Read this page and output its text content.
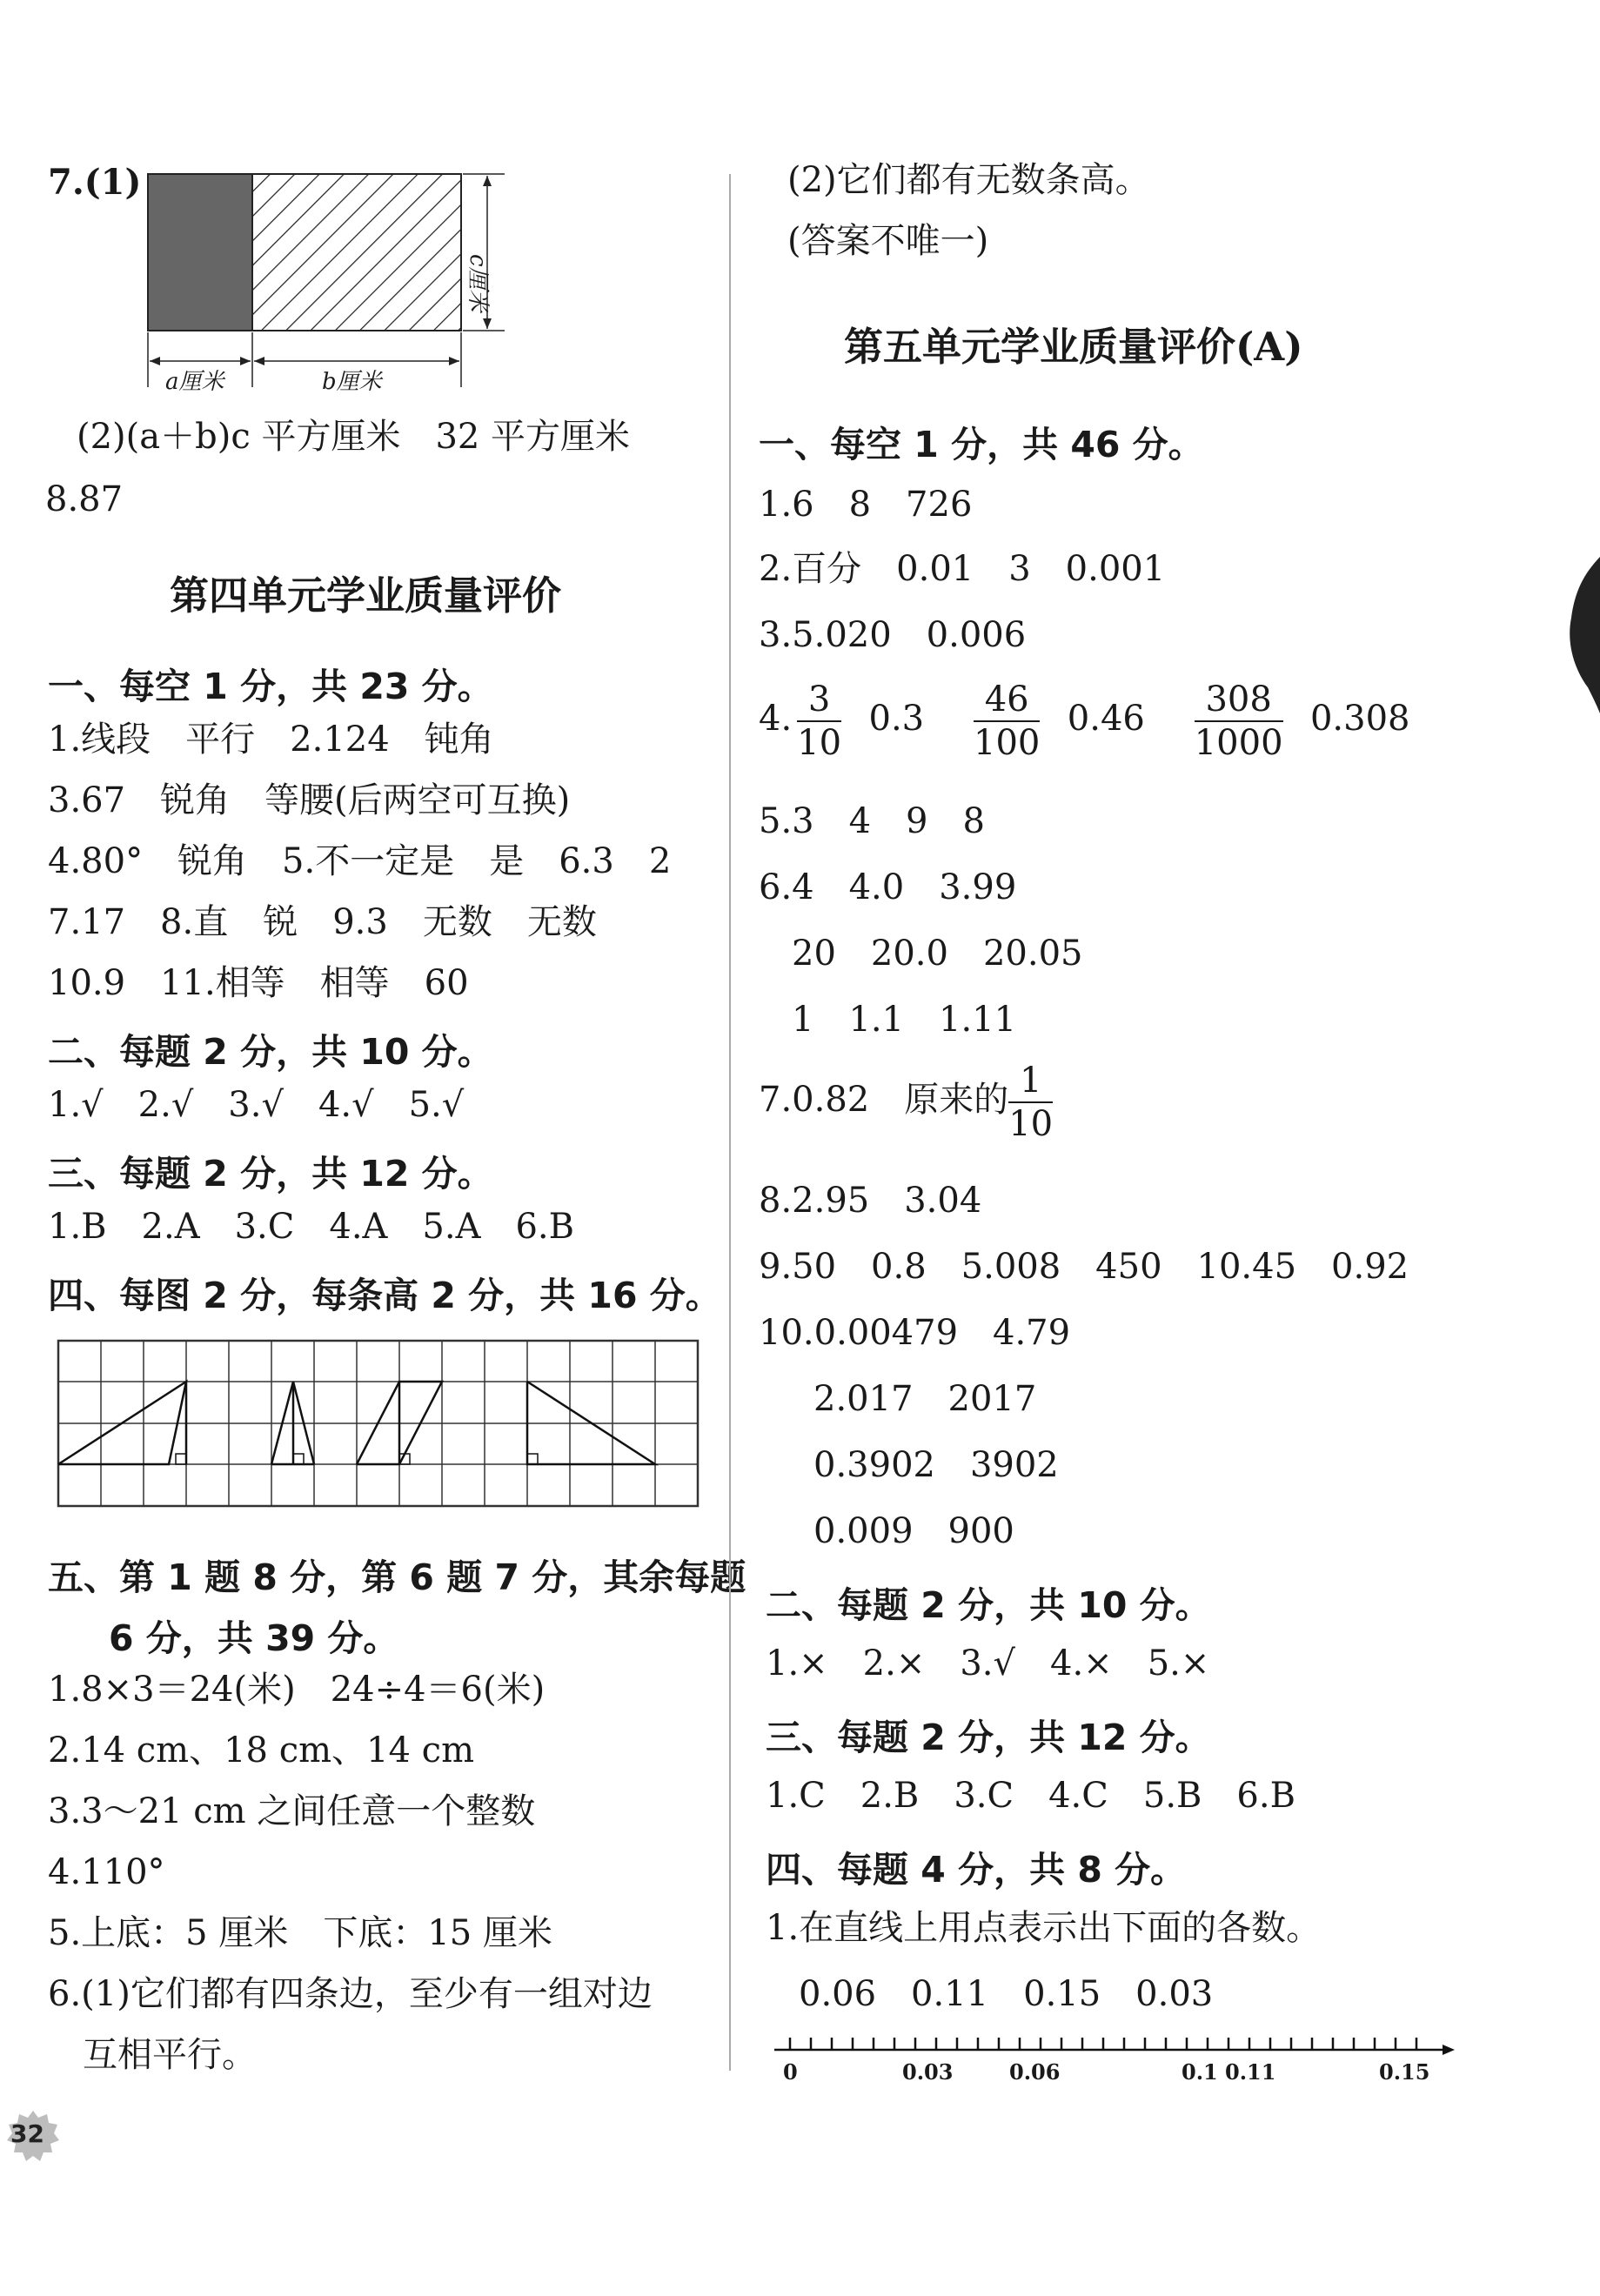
7.(1)
a厘米	b厘米
c厘米
(2)(a＋b)c 平方厘米　32 平方厘米
8.87
第四单元学业质量评价
一、每空 1 分，共 23 分。
1.线段　平行　2.124　钝角
3.67　锐角　等腰(后两空可互换)
4.80°　锐角　5.不一定是　是　6.3　2
7.17　8.直　锐　9.3　无数　无数
10.9　11.相等　相等　60
二、每题 2 分，共 10 分。
1.√　2.√　3.√　4.√　5.√
三、每题 2 分，共 12 分。
1.B　2.A　3.C　4.A　5.A　6.B
四、每图 2 分，每条高 2 分，共 16 分。
五、第 1 题 8 分，第 6 题 7 分，其余每题
6 分，共 39 分。
1.8×3＝24(米)　24÷4＝6(米)
2.14 cm、18 cm、14 cm
3.3～21 cm 之间任意一个整数
4.110°
5.上底：5 厘米　下底：15 厘米
6.(1)它们都有四条边，至少有一组对边
互相平行。
32
(2)它们都有无数条高。
(答案不唯一)
第五单元学业质量评价(A)
一、每空 1 分，共 46 分。
1.6　8　726
2.百分　0.01　3　0.001
3.5.020　0.006
4. $\frac{3}{10} 0.3 \frac{46}{100} 0.46 \frac{308}{1000} 0.308$
5.3　4　9　8
6.4　4.0　3.99
20　20.0　20.05
1　1.1　1.11
7.0.82　原来的 $\frac{1}{10}$
8.2.95　3.04
9.50　0.8　5.008　450　10.45　0.92
10.0.00479　4.79
2.017　2017
0.3902　3902
0.009　900
二、每题 2 分，共 10 分。
1.×　2.×　3.√　4.×　5.×
三、每题 2 分，共 12 分。
1.C　2.B　3.C　4.C　5.B　6.B
四、每题 4 分，共 8 分。
1.在直线上用点表示出下面的各数。
0.06　0.11　0.15　0.03
0	0.03	0.06	0.1 0.11	0.15
